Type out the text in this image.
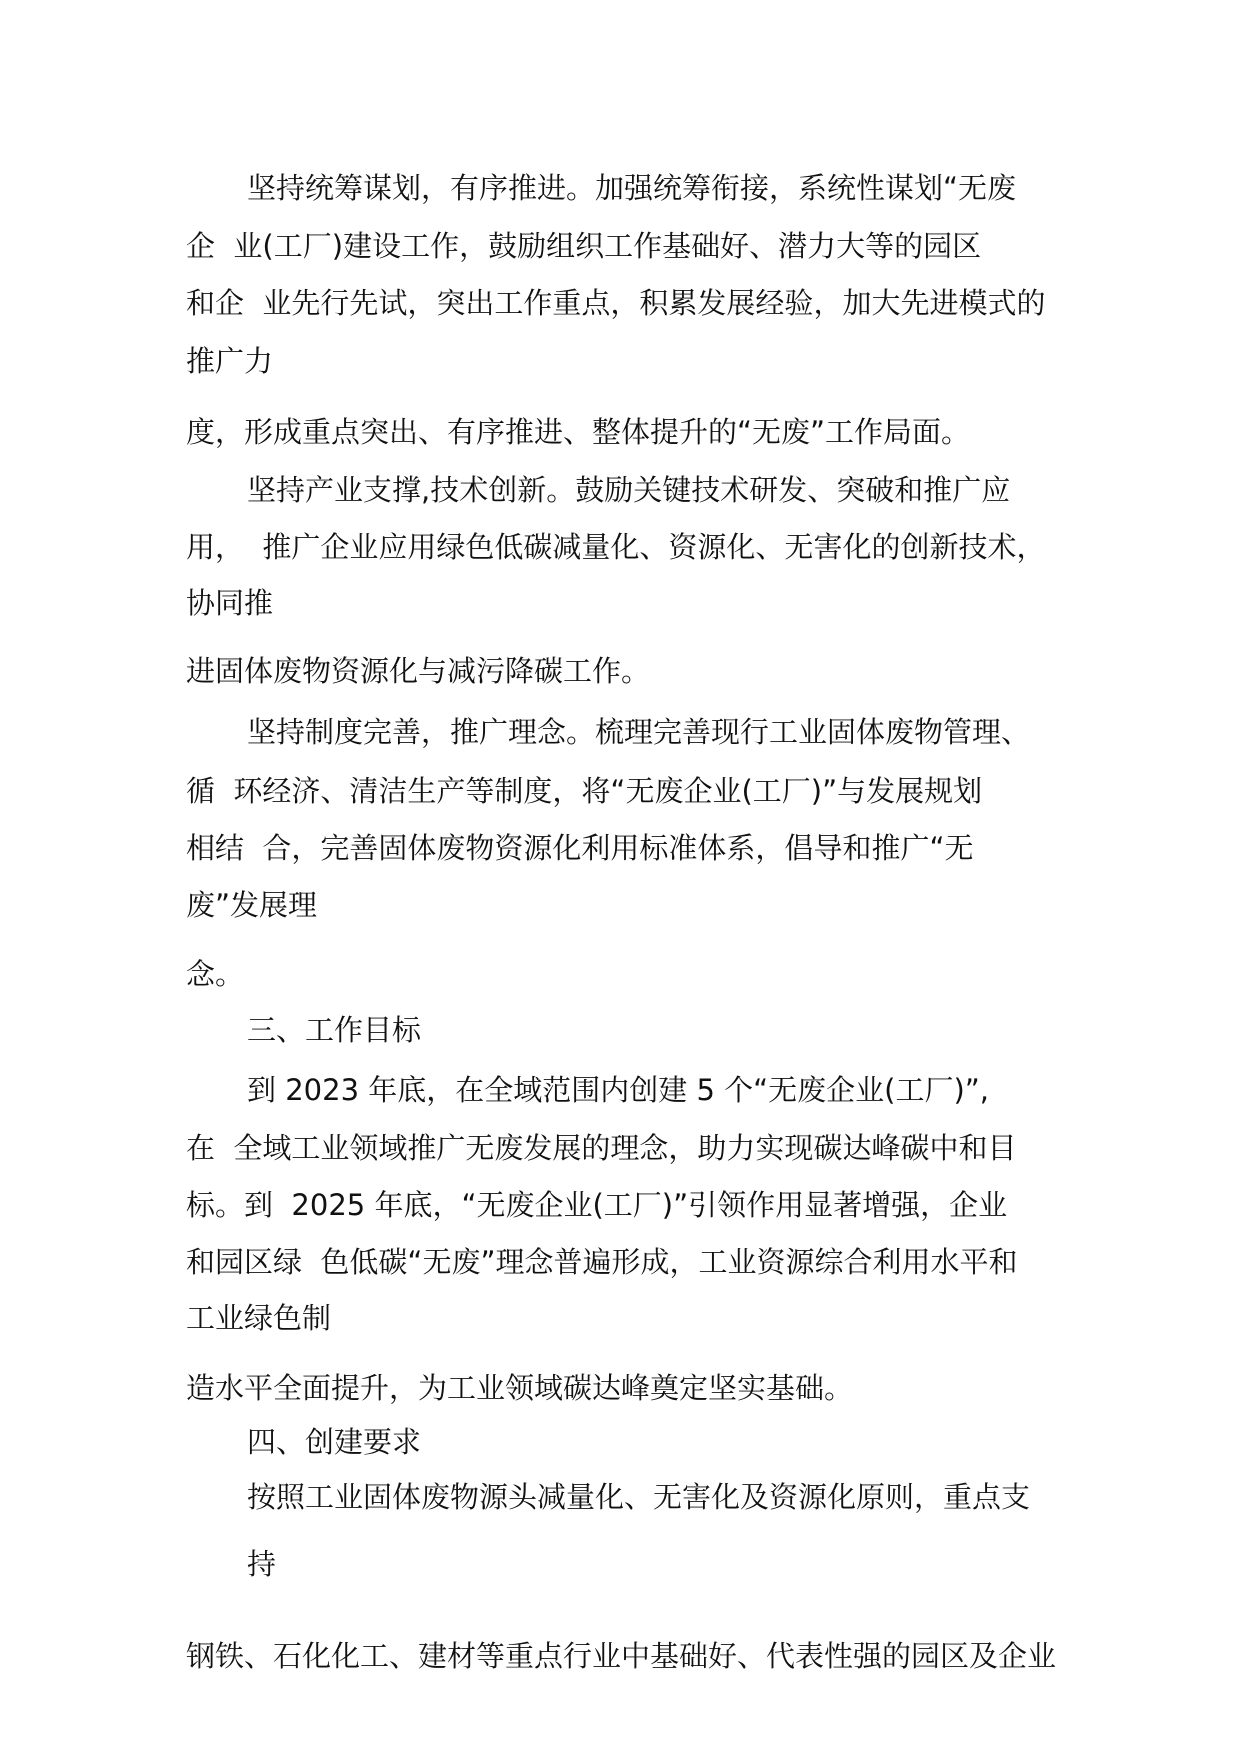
坚持统筹谋划，有序推进。加强统筹衔接，系统性谋划“无废

企  业(工厂)建设工作，鼓励组织工作基础好、潜力大等的园区

和企  业先行先试，突出工作重点，积累发展经验，加大先进模式的

推广力

度，形成重点突出、有序推进、整体提升的“无废”工作局面。

坚持产业支撑,技术创新。鼓励关键技术研发、突破和推广应

用，  推广企业应用绿色低碳减量化、资源化、无害化的创新技术，

协同推

进固体废物资源化与减污降碳工作。

坚持制度完善，推广理念。梳理完善现行工业固体废物管理、

循  环经济、清洁生产等制度，将“无废企业(工厂)”与发展规划

相结  合，完善固体废物资源化利用标准体系，倡导和推广“无

废”发展理

念。

三、工作目标

到 2023 年底，在全域范围内创建 5 个“无废企业(工厂)”,

在  全域工业领域推广无废发展的理念，助力实现碳达峰碳中和目

标。到  2025 年底，“无废企业(工厂)”引领作用显著增强，企业

和园区绿  色低碳“无废”理念普遍形成，工业资源综合利用水平和

工业绿色制

造水平全面提升，为工业领域碳达峰奠定坚实基础。

四、创建要求

按照工业固体废物源头减量化、无害化及资源化原则，重点支

持

钢铁、石化化工、建材等重点行业中基础好、代表性强的园区及企业
